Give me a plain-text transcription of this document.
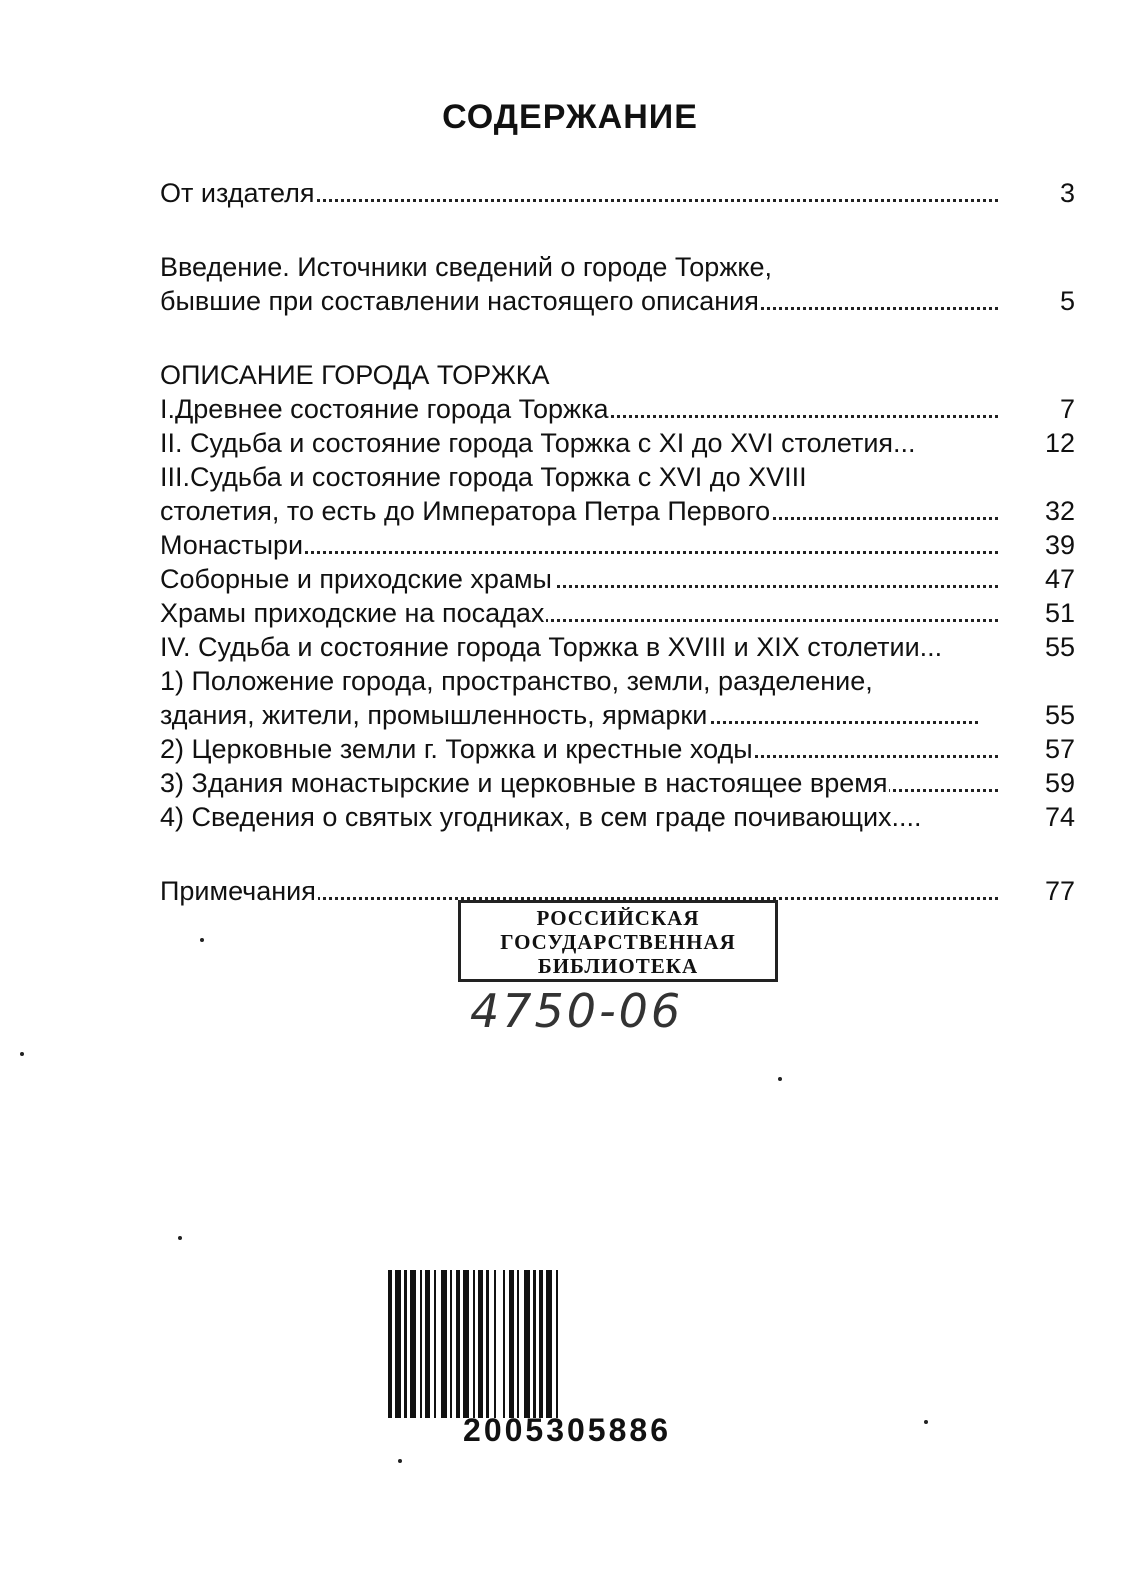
СОДЕРЖАНИЕ
От издателя	3
Введение. Источники сведений о городе Торжке,
бывшие при составлении настоящего описания	5
ОПИСАНИЕ ГОРОДА ТОРЖКА
I.Древнее состояние города Торжка	7
II. Судьба и состояние города Торжка с XI до XVI столетия...	12
III.Судьба и состояние города Торжка с XVI до XVIII
столетия, то есть до Императора Петра Первого	32
Монастыри	39
Соборные и приходские храмы	47
Храмы приходские на посадах	51
IV. Судьба и состояние города Торжка в XVIII и XIX столетии...	55
1) Положение города, пространство, земли, разделение,
здания, жители, промышленность, ярмарки	55
2) Церковные земли г. Торжка и крестные ходы	57
3) Здания монастырские и церковные в настоящее время	59
4) Сведения о святых угодниках, в сем граде почивающих....	74
Примечания	77
РОССИЙСКАЯ
ГОСУДАРСТВЕННАЯ
БИБЛИОТЕКА
4750-06
2005305886
